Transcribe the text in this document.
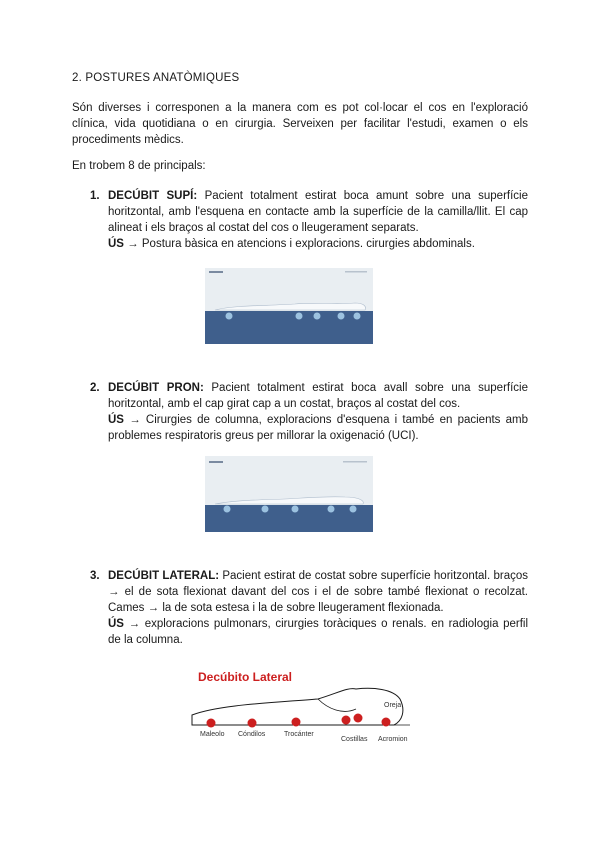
2. POSTURES ANATÒMIQUES
Són diverses i corresponen a la manera com es pot col·locar el cos en l'exploració clínica, vida quotidiana o en cirurgia. Serveixen per facilitar l'estudi, examen o els procediments mèdics.
En trobem 8 de principals:
1. DECÚBIT SUPÍ: Pacient totalment estirat boca amunt sobre una superfície horitzontal, amb l'esquena en contacte amb la superfície de la camilla/llit. El cap alineat i els braços al costat del cos o lleugerament separats.
ÚS → Postura bàsica en atencions i exploracions. cirurgies abdominals.
2. DECÚBIT PRON: Pacient totalment estirat boca avall sobre una superfície horitzontal, amb el cap girat cap a un costat, braços al costat del cos.
ÚS → Cirurgies de columna, exploracions d'esquena i també en pacients amb problemes respiratoris greus per millorar la oxigenació (UCI).
3. DECÚBIT LATERAL: Pacient estirat de costat sobre superfície horitzontal. braços → el de sota flexionat davant del cos i el de sobre també flexionat o recolzat. Cames → la de sota estesa i la de sobre lleugerament flexionada.
ÚS → exploracions pulmonars, cirurgies toràciques o renals. en radiologia perfil de la columna.
Decúbito Lateral
Maleolo Cóndilos	Trocánter
Costillas Acromion
Oreja
